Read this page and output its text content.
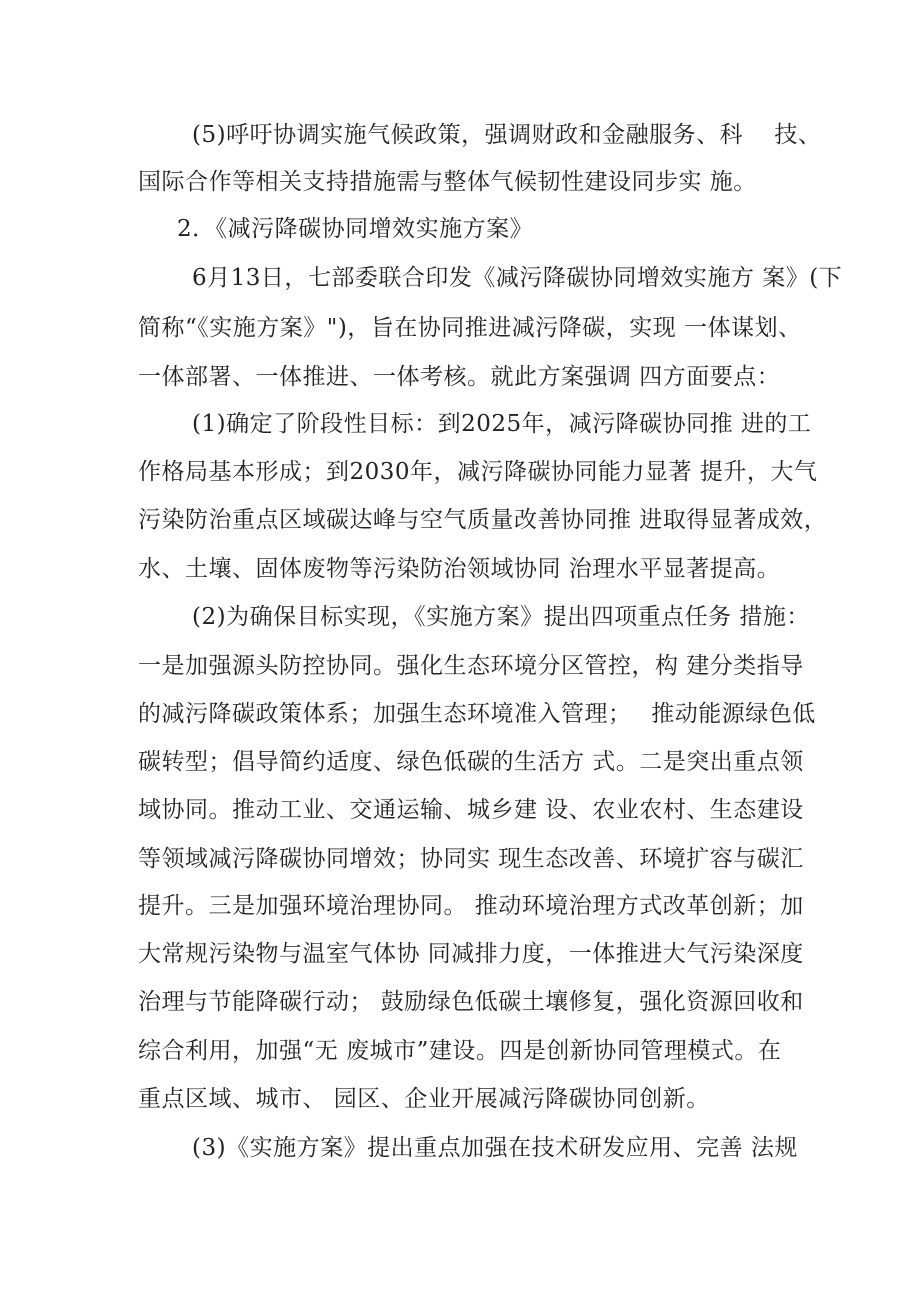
(5)呼吁协调实施气候政策，强调财政和金融服务、科　 技、
国际合作等相关支持措施需与整体气候韧性建设同步实 施。
2．《减污降碳协同增效实施方案》
6月13日，七部委联合印发《减污降碳协同增效实施方 案》(下
简称“《实施方案》")，旨在协同推进减污降碳，实现 一体谋划、
一体部署、一体推进、一体考核。就此方案强调 四方面要点：
(1)确定了阶段性目标：到2025年，减污降碳协同推 进的工
作格局基本形成；到2030年，减污降碳协同能力显著 提升，大气
污染防治重点区域碳达峰与空气质量改善协同推 进取得显著成效，
水、土壤、固体废物等污染防治领域协同 治理水平显著提高。
(2)为确保目标实现，《实施方案》提出四项重点任务 措施：
一是加强源头防控协同。强化生态环境分区管控，构 建分类指导
的减污降碳政策体系；加强生态环境准入管理；　 推动能源绿色低
碳转型；倡导简约适度、绿色低碳的生活方 式。二是突出重点领
域协同。推动工业、交通运输、城乡建 设、农业农村、生态建设
等领域减污降碳协同增效；协同实 现生态改善、环境扩容与碳汇
提升。三是加强环境治理协同。 推动环境治理方式改革创新；加
大常规污染物与温室气体协 同减排力度，一体推进大气污染深度
治理与节能降碳行动； 鼓励绿色低碳土壤修复，强化资源回收和
综合利用，加强“无 废城市”建设。四是创新协同管理模式。在
重点区域、城市、 园区、企业开展减污降碳协同创新。
(3)《实施方案》提出重点加强在技术研发应用、完善 法规
